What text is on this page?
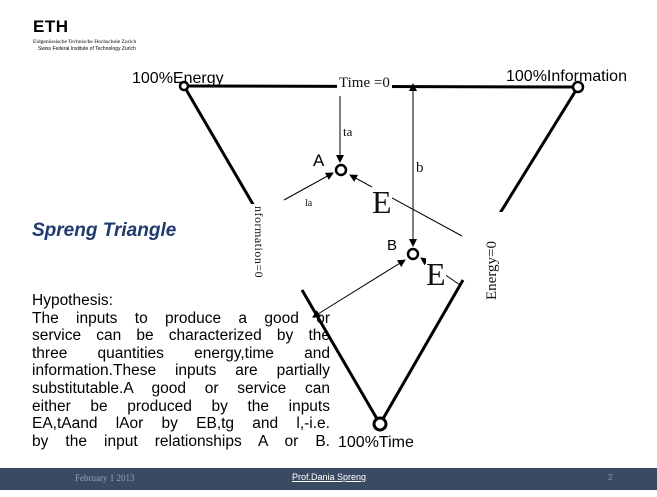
ETH
Eidgenössische Technische Hochschule Zurich
Swiss Federal Institute of Technology Zurich
100%Energy	100%Information
100%Time
Time =0
nformation=0	Energy=0
A
B
ta
la
b
E
E
Spreng Triangle
Hypothesis:
The inputs to produce a good or
service can be characterized by the
three quantities energy,time and
information.These inputs are partially
substitutable.A good or service can
either be produced by the inputs
EA,tAand lAor by EB,tg and l,-i.e.
by the input relationships A or B.
February 1 2013	Prof.Dania Spreng	2
